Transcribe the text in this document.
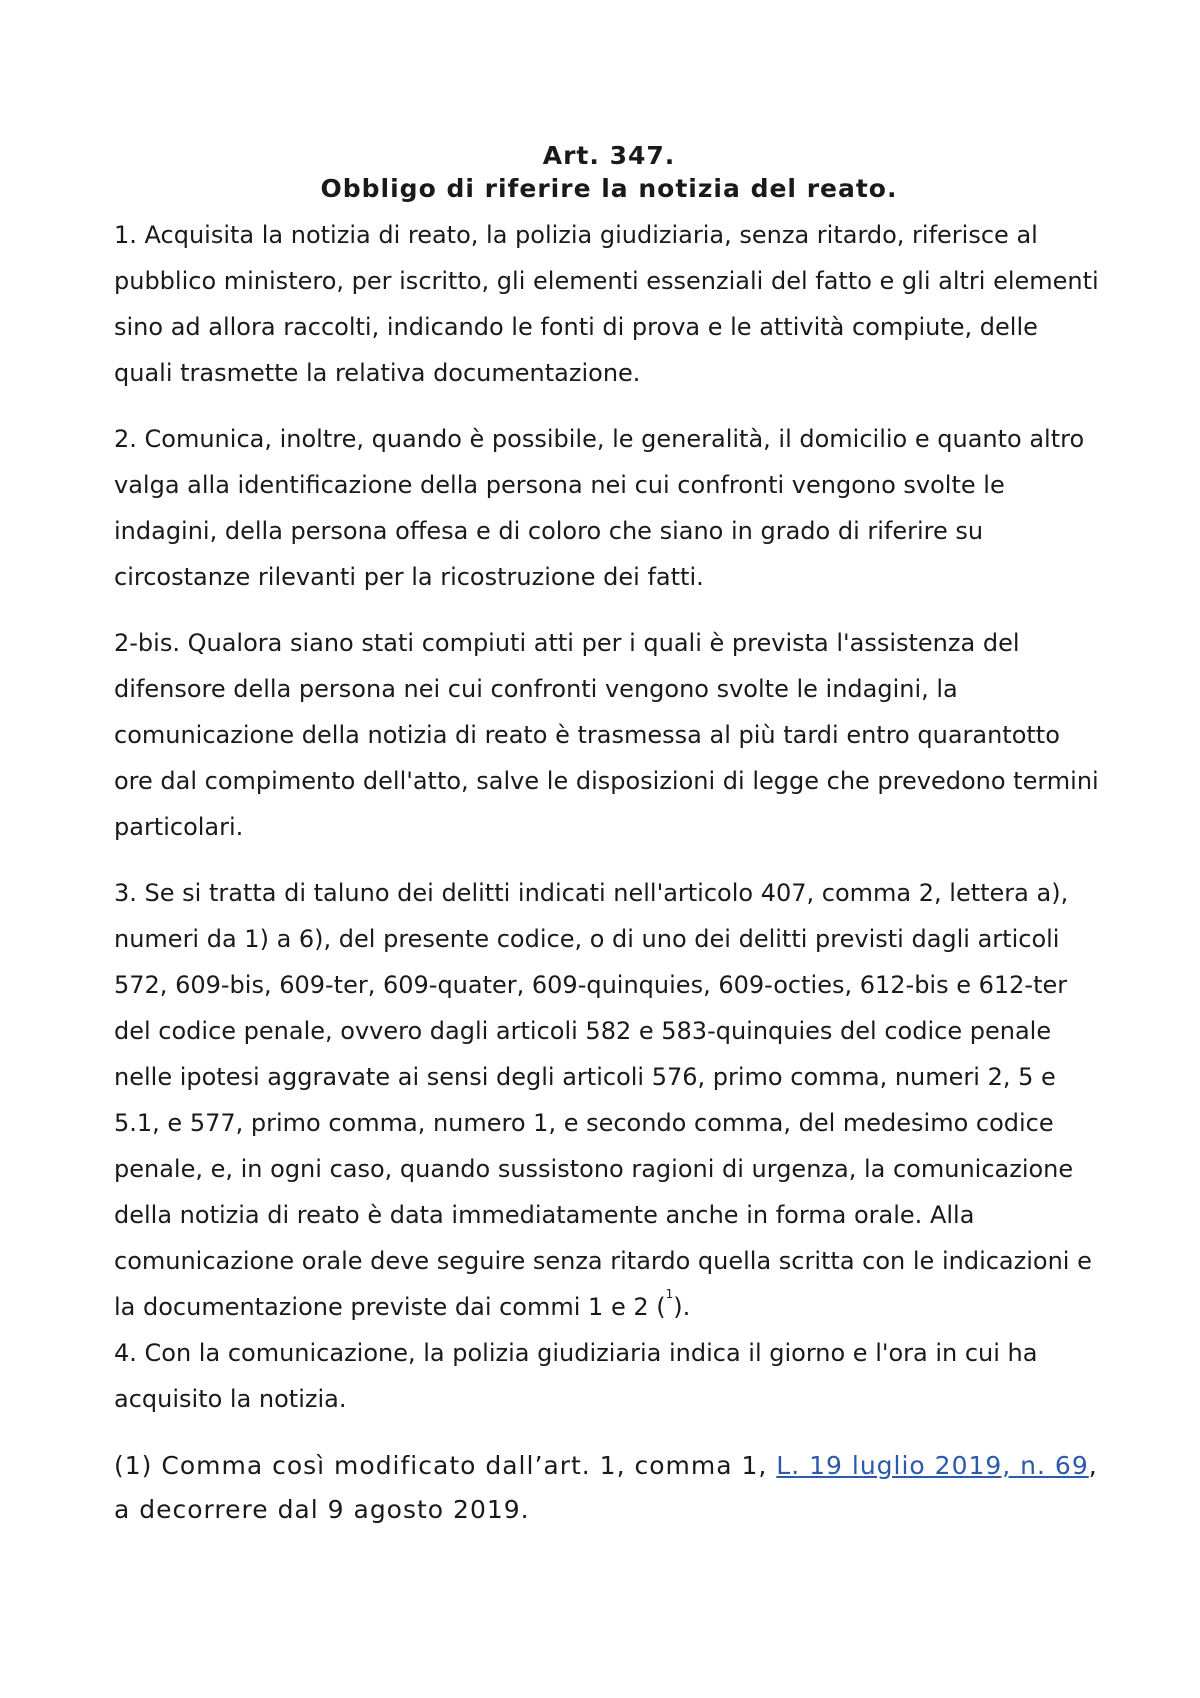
Art. 347.
Obbligo di riferire la notizia del reato.

1. Acquisita la notizia di reato, la polizia giudiziaria, senza ritardo, riferisce al pubblico ministero, per iscritto, gli elementi essenziali del fatto e gli altri elementi sino ad allora raccolti, indicando le fonti di prova e le attività compiute, delle quali trasmette la relativa documentazione.

2. Comunica, inoltre, quando è possibile, le generalità, il domicilio e quanto altro valga alla identificazione della persona nei cui confronti vengono svolte le indagini, della persona offesa e di coloro che siano in grado di riferire su circostanze rilevanti per la ricostruzione dei fatti.

2-bis. Qualora siano stati compiuti atti per i quali è prevista l'assistenza del difensore della persona nei cui confronti vengono svolte le indagini, la comunicazione della notizia di reato è trasmessa al più tardi entro quarantotto ore dal compimento dell'atto, salve le disposizioni di legge che prevedono termini particolari.

3. Se si tratta di taluno dei delitti indicati nell'articolo 407, comma 2, lettera a), numeri da 1) a 6), del presente codice, o di uno dei delitti previsti dagli articoli 572, 609-bis, 609-ter, 609-quater, 609-quinquies, 609-octies, 612-bis e 612-ter del codice penale, ovvero dagli articoli 582 e 583-quinquies del codice penale nelle ipotesi aggravate ai sensi degli articoli 576, primo comma, numeri 2, 5 e 5.1, e 577, primo comma, numero 1, e secondo comma, del medesimo codice penale, e, in ogni caso, quando sussistono ragioni di urgenza, la comunicazione della notizia di reato è data immediatamente anche in forma orale. Alla comunicazione orale deve seguire senza ritardo quella scritta con le indicazioni e la documentazione previste dai commi 1 e 2 ($^1$).

4. Con la comunicazione, la polizia giudiziaria indica il giorno e l'ora in cui ha acquisito la notizia.

(1) Comma così modificato dall’art. 1, comma 1, L. 19 luglio 2019, n. 69, a decorrere dal 9 agosto 2019.
